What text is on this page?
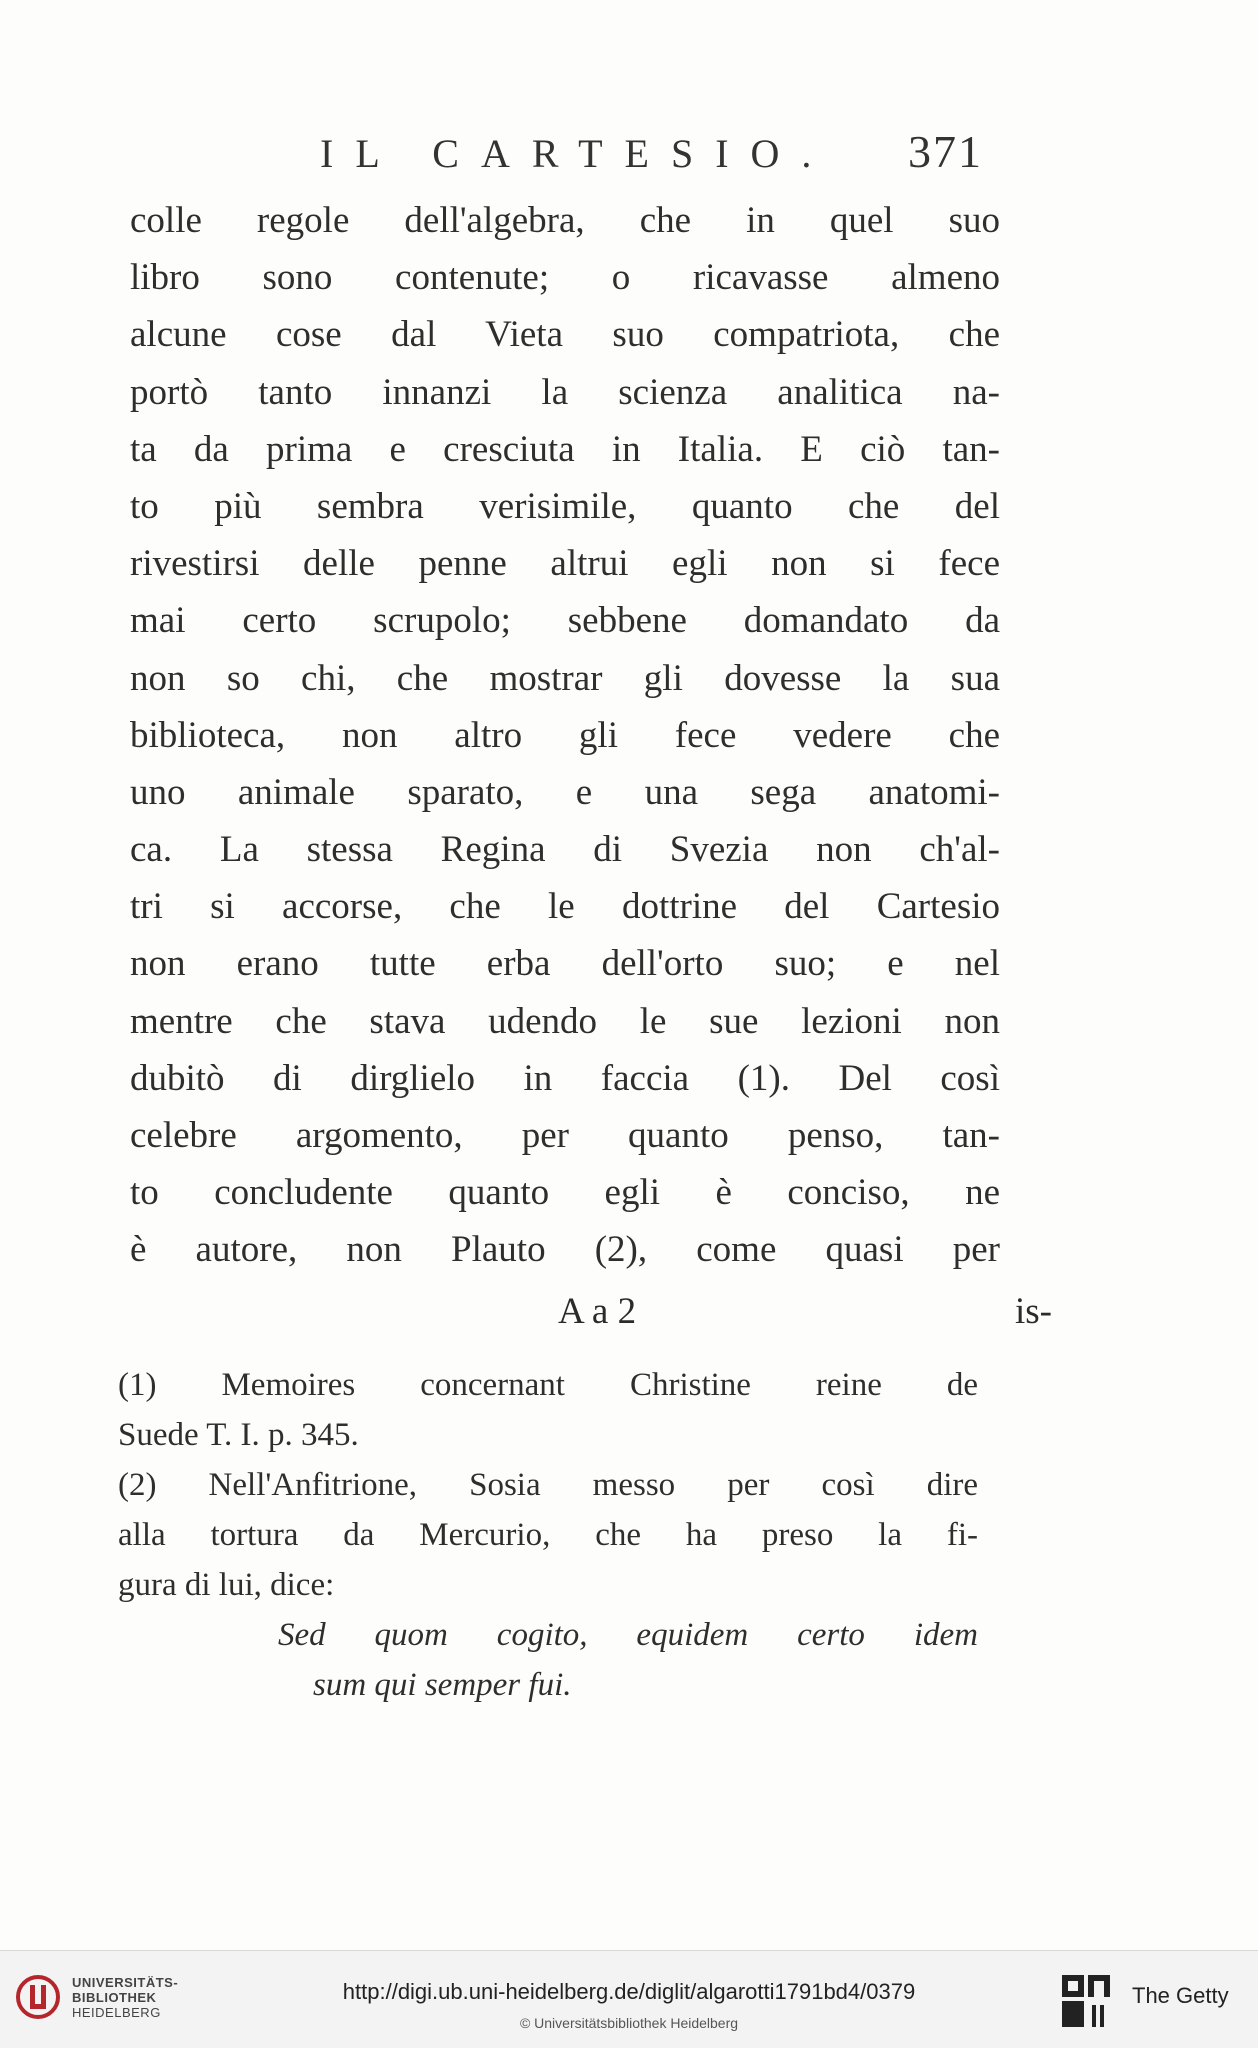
IL CARTESIO. 371
colle regole dell'algebra, che in quel suo
libro sono contenute; o ricavasse almeno
alcune cose dal Vieta suo compatriota, che
portò tanto innanzi la scienza analitica na-
ta da prima e cresciuta in Italia. E ciò tan-
to più sembra verisimile, quanto che del
rivestirsi delle penne altrui egli non si fece
mai certo scrupolo; sebbene domandato da
non so chi, che mostrar gli dovesse la sua
biblioteca, non altro gli fece vedere che
uno animale sparato, e una sega anatomi-
ca. La stessa Regina di Svezia non ch'al-
tri si accorse, che le dottrine del Cartesio
non erano tutte erba dell'orto suo; e nel
mentre che stava udendo le sue lezioni non
dubitò di dirglielo in faccia (1). Del così
celebre argomento, per quanto penso, tan-
to concludente quanto egli è conciso, ne
è autore, non Plauto (2), come quasi per
A a 2	is-
(1) Memoires concernant Christine reine de
Suede T. I. p. 345.
(2) Nell'Anfitrione, Sosia messo per così dire
alla tortura da Mercurio, che ha preso la fi-
gura di lui, dice:
Sed quom cogito, equidem certo idem
sum qui semper fui.
UNIVERSITÄTS-
BIBLIOTHEK
HEIDELBERG
http://digi.ub.uni-heidelberg.de/diglit/algarotti1791bd4/0379
© Universitätsbibliothek Heidelberg
The Getty
